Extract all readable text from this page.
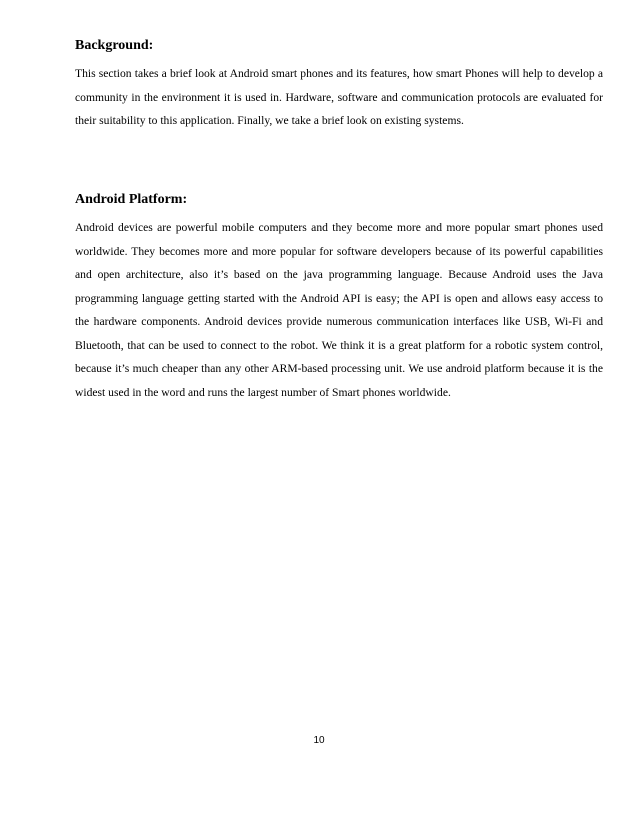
Background:

This section takes a brief look at Android smart phones and its features, how smart Phones will help to develop a community in the environment it is used in. Hardware, software and communication protocols are evaluated for their suitability to this application. Finally, we take a brief look on existing systems.

Android Platform:

Android devices are powerful mobile computers and they become more and more popular smart phones used worldwide. They becomes more and more popular for software developers because of its powerful capabilities and open architecture, also it’s based on the java programming language. Because Android uses the Java programming language getting started with the Android API is easy; the API is open and allows easy access to the hardware components. Android devices provide numerous communication interfaces like USB, Wi-Fi and Bluetooth, that can be used to connect to the robot. We think it is a great platform for a robotic system control, because it’s much cheaper than any other ARM-based processing unit. We use android platform because it is the widest used in the word and runs the largest number of Smart phones worldwide.

10
